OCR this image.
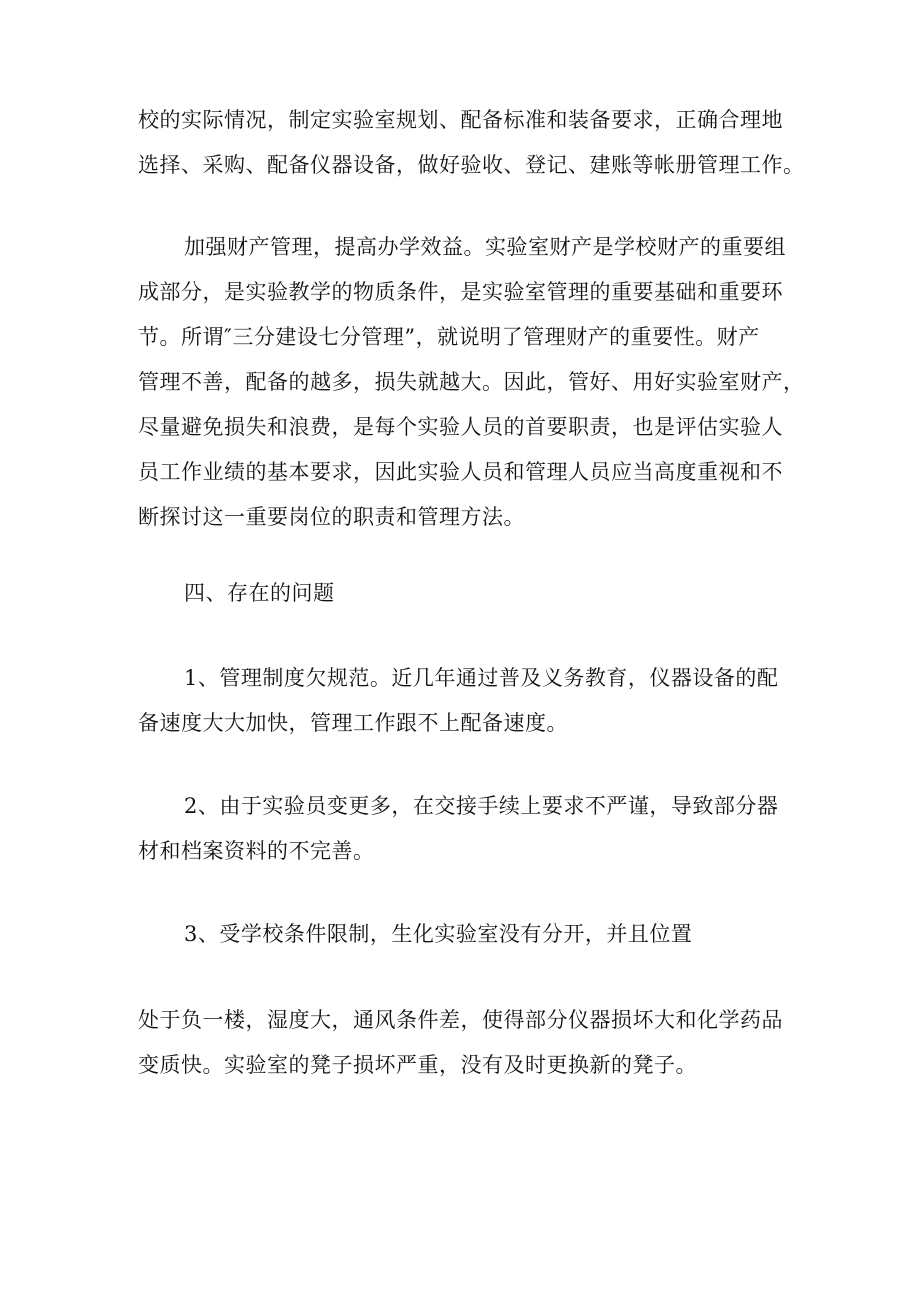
校的实际情况，制定实验室规划、配备标准和装备要求，正确合理地
选择、采购、配备仪器设备，做好验收、登记、建账等帐册管理工作。
加强财产管理，提高办学效益。实验室财产是学校财产的重要组
成部分，是实验教学的物质条件，是实验室管理的重要基础和重要环
节。所谓″三分建设七分管理”，就说明了管理财产的重要性。财产
管理不善，配备的越多，损失就越大。因此，管好、用好实验室财产，
尽量避免损失和浪费，是每个实验人员的首要职责，也是评估实验人
员工作业绩的基本要求，因此实验人员和管理人员应当高度重视和不
断探讨这一重要岗位的职责和管理方法。
四、存在的问题
1、管理制度欠规范。近几年通过普及义务教育，仪器设备的配
备速度大大加快，管理工作跟不上配备速度。
2、由于实验员变更多，在交接手续上要求不严谨，导致部分器
材和档案资料的不完善。
3、受学校条件限制，生化实验室没有分开，并且位置
处于负一楼，湿度大，通风条件差，使得部分仪器损坏大和化学药品
变质快。实验室的凳子损坏严重，没有及时更换新的凳子。
